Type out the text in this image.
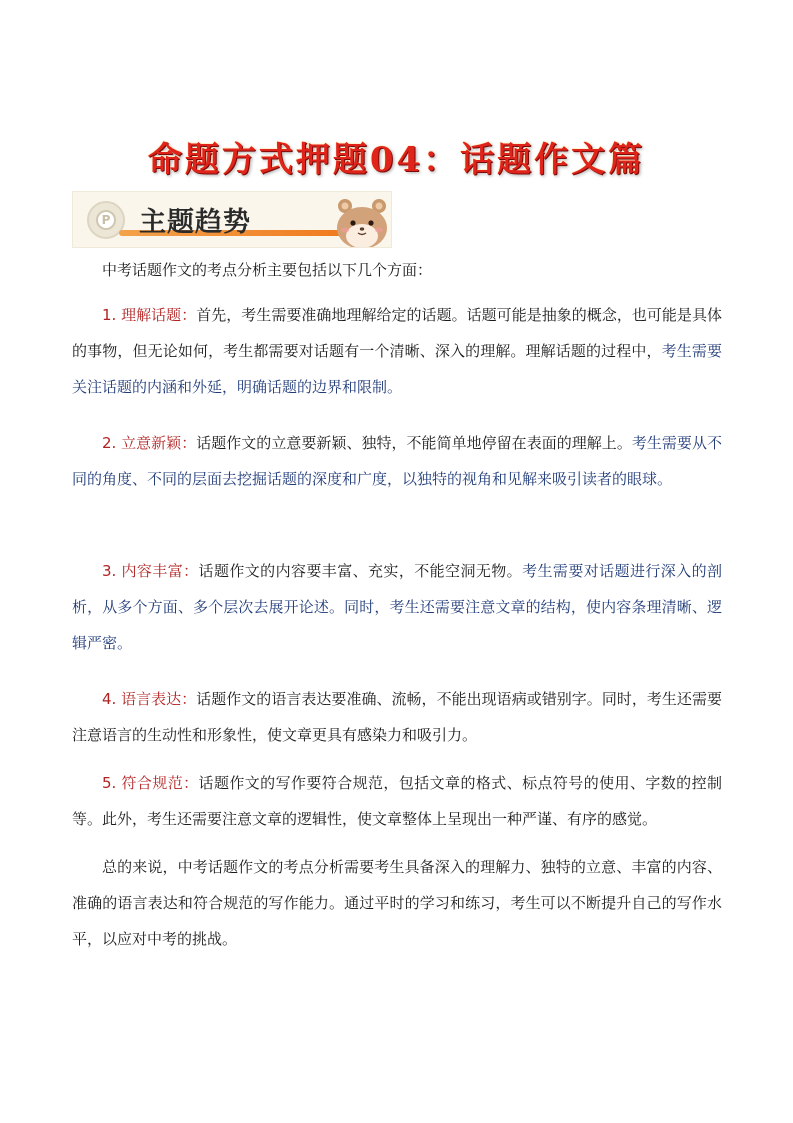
命题方式押题04：话题作文篇
P 主题趋势

中考话题作文的考点分析主要包括以下几个方面：

1. 理解话题：首先，考生需要准确地理解给定的话题。话题可能是抽象的概念，也可能是具体的事物，但无论如何，考生都需要对话题有一个清晰、深入的理解。理解话题的过程中，考生需要关注话题的内涵和外延，明确话题的边界和限制。

2. 立意新颖：话题作文的立意要新颖、独特，不能简单地停留在表面的理解上。考生需要从不同的角度、不同的层面去挖掘话题的深度和广度，以独特的视角和见解来吸引读者的眼球。

3. 内容丰富：话题作文的内容要丰富、充实，不能空洞无物。考生需要对话题进行深入的剖析，从多个方面、多个层次去展开论述。同时，考生还需要注意文章的结构，使内容条理清晰、逻辑严密。

4. 语言表达：话题作文的语言表达要准确、流畅，不能出现语病或错别字。同时，考生还需要注意语言的生动性和形象性，使文章更具有感染力和吸引力。

5. 符合规范：话题作文的写作要符合规范，包括文章的格式、标点符号的使用、字数的控制等。此外，考生还需要注意文章的逻辑性，使文章整体上呈现出一种严谨、有序的感觉。

总的来说，中考话题作文的考点分析需要考生具备深入的理解力、独特的立意、丰富的内容、准确的语言表达和符合规范的写作能力。通过平时的学习和练习，考生可以不断提升自己的写作水平，以应对中考的挑战。
